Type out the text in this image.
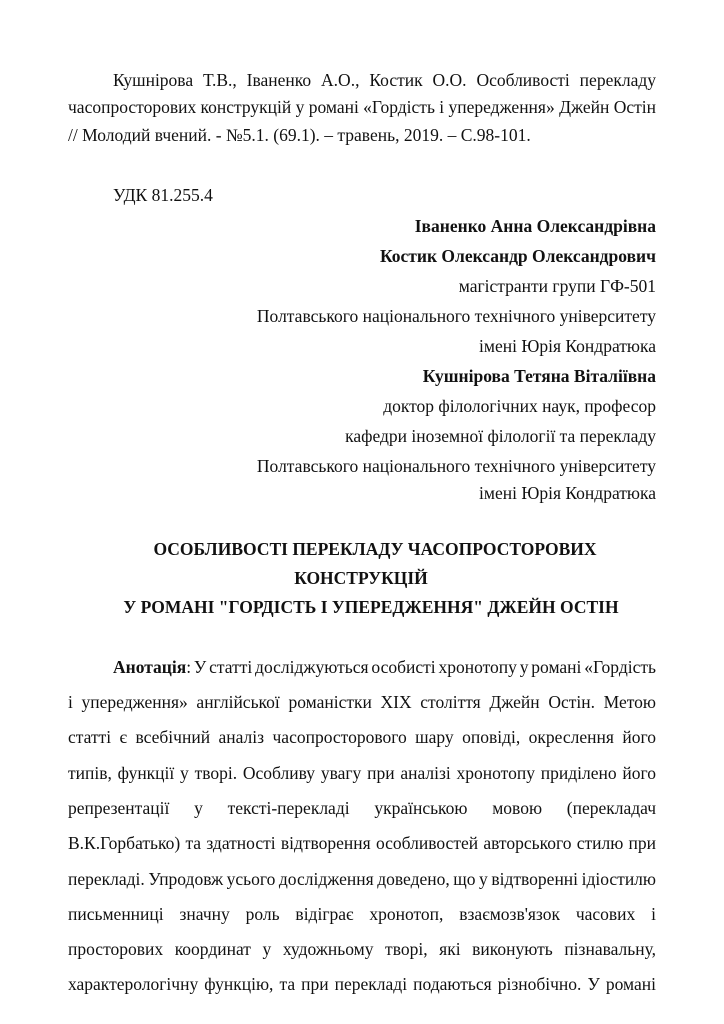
Кушнірова Т.В., Іваненко А.О., Костик О.О. Особливості перекладу
часопросторових конструкцій у романі «Гордість і упередження» Джейн Остін
// Молодий вчений. - №5.1. (69.1). – травень, 2019. – С.98-101.
УДК 81.255.4
Іваненко Анна Олександрівна
Костик Олександр Олександрович
магістранти групи ГФ-501
Полтавського національного технічного університету
імені Юрія Кондратюка
Кушнірова Тетяна Віталіївна
доктор філологічних наук, професор
кафедри іноземної філології та перекладу
Полтавського національного технічного університету
імені Юрія Кондратюка
ОСОБЛИВОСТІ ПЕРЕКЛАДУ ЧАСОПРОСТОРОВИХ
КОНСТРУКЦІЙ
У РОМАНІ "ГОРДІСТЬ І УПЕРЕДЖЕННЯ" ДЖЕЙН ОСТІН
Анотація: У статті досліджуються особисті хронотопу у романі «Гордість
і упередження» англійської романістки XIX століття Джейн Остін. Метою
статті є всебічний аналіз часопросторового шару оповіді, окреслення його
типів, функції у творі. Особливу увагу при аналізі хронотопу приділено його
репрезентації у тексті-перекладі українською мовою (перекладач
В.К.Горбатько) та здатності відтворення особливостей авторського стилю при
перекладі. Упродовж усього дослідження доведено, що у відтворенні ідіостилю
письменниці значну роль відіграє хронотоп, взаємозв'язок часових і
просторових координат у художньому творі, які виконують пізнавальну,
характерологічну функцію, та при перекладі подаються різнобічно. У романі
